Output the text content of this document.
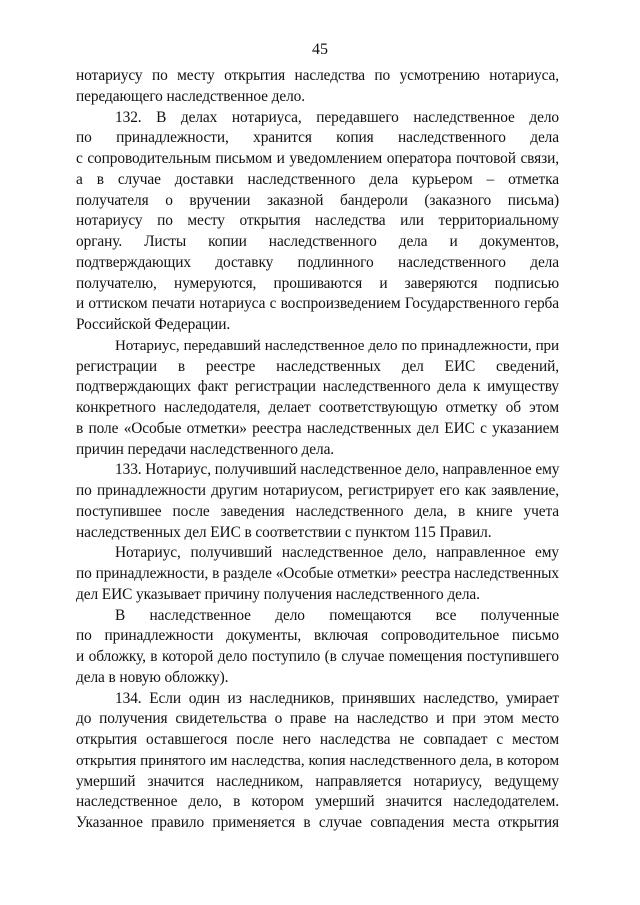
45
нотариусу по месту открытия наследства по усмотрению нотариуса,
передающего наследственное дело.
132. В делах нотариуса, передавшего наследственное дело
по принадлежности, хранится копия наследственного дела
с сопроводительным письмом и уведомлением оператора почтовой связи,
а в случае доставки наследственного дела курьером – отметка
получателя о вручении заказной бандероли (заказного письма)
нотариусу по месту открытия наследства или территориальному
органу. Листы копии наследственного дела и документов,
подтверждающих доставку подлинного наследственного дела
получателю, нумеруются, прошиваются и заверяются подписью
и оттиском печати нотариуса с воспроизведением Государственного герба
Российской Федерации.
Нотариус, передавший наследственное дело по принадлежности, при
регистрации в реестре наследственных дел ЕИС сведений,
подтверждающих факт регистрации наследственного дела к имуществу
конкретного наследодателя, делает соответствующую отметку об этом
в поле «Особые отметки» реестра наследственных дел ЕИС с указанием
причин передачи наследственного дела.
133. Нотариус, получивший наследственное дело, направленное ему
по принадлежности другим нотариусом, регистрирует его как заявление,
поступившее после заведения наследственного дела, в книге учета
наследственных дел ЕИС в соответствии с пунктом 115 Правил.
Нотариус, получивший наследственное дело, направленное ему
по принадлежности, в разделе «Особые отметки» реестра наследственных
дел ЕИС указывает причину получения наследственного дела.
В наследственное дело помещаются все полученные
по принадлежности документы, включая сопроводительное письмо
и обложку, в которой дело поступило (в случае помещения поступившего
дела в новую обложку).
134. Если один из наследников, принявших наследство, умирает
до получения свидетельства о праве на наследство и при этом место
открытия оставшегося после него наследства не совпадает с местом
открытия принятого им наследства, копия наследственного дела, в котором
умерший значится наследником, направляется нотариусу, ведущему
наследственное дело, в котором умерший значится наследодателем.
Указанное правило применяется в случае совпадения места открытия
